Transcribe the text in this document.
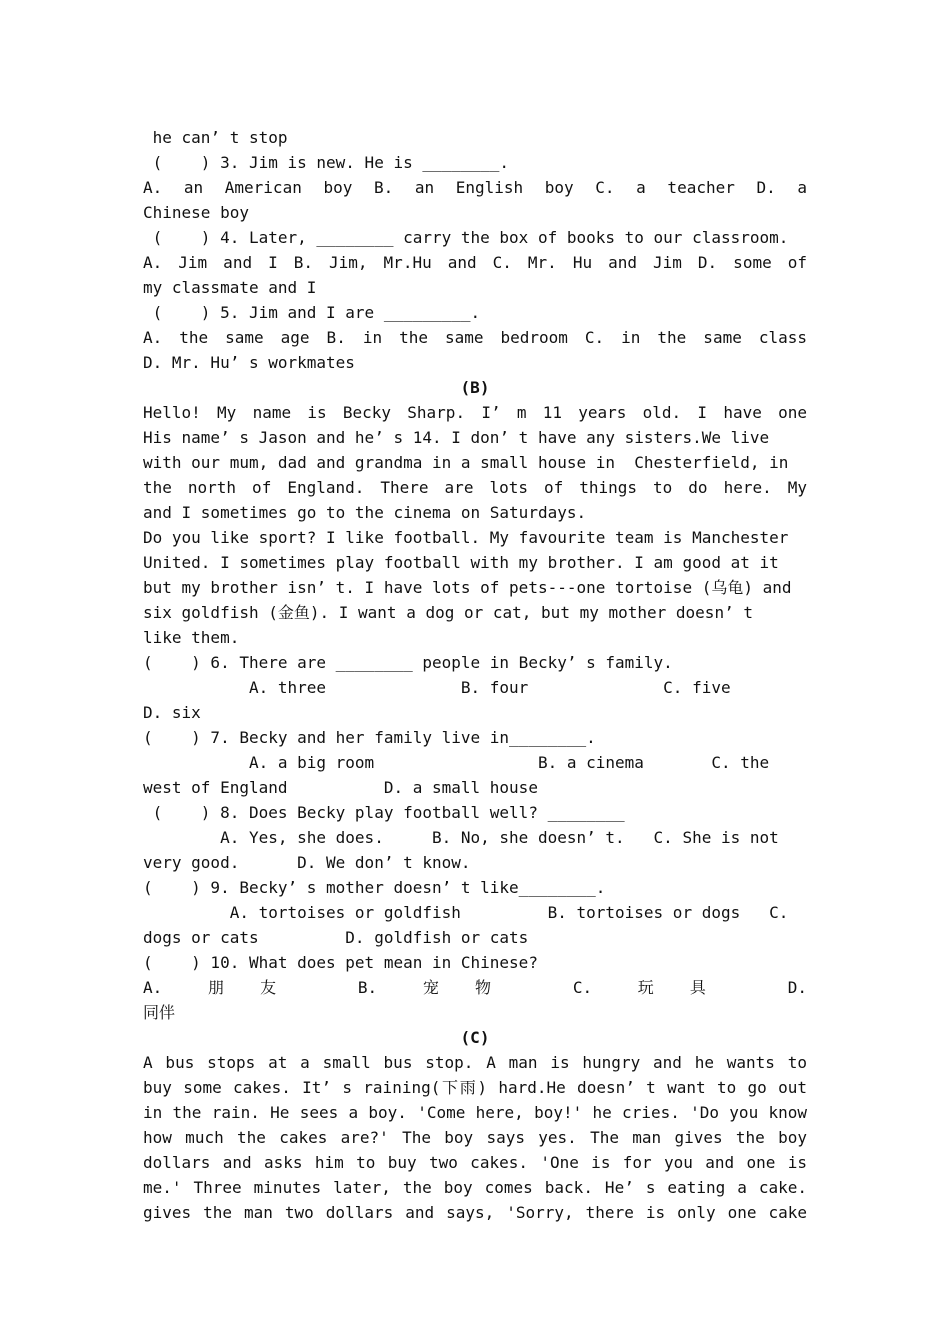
he can’ t stop
(    ) 3. Jim is new. He is ________.
A. an American boy B. an English boy C. a teacher D. a
Chinese boy
(    ) 4. Later, ________ carry the box of books to our classroom.
A. Jim and I B. Jim, Mr.Hu and C. Mr. Hu and Jim D. some of
my classmate and I
(    ) 5. Jim and I are _________.
A. the same age B. in the same bedroom C. in the same class
D. Mr. Hu’ s workmates
(B)
Hello! My name is Becky Sharp. I’ m 11 years old. I have one
His name’ s Jason and he’ s 14. I don’ t have any sisters.We live
with our mum, dad and grandma in a small house in  Chesterfield, in
the north of England. There are lots of things to do here. My
and I sometimes go to the cinema on Saturdays.
Do you like sport? I like football. My favourite team is Manchester
United. I sometimes play football with my brother. I am good at it
but my brother isn’ t. I have lots of pets---one tortoise (乌龟) and
six goldfish (金鱼). I want a dog or cat, but my mother doesn’ t
like them.
(    ) 6. There are ________ people in Becky’ s family.
A. three              B. four              C. five
D. six
(    ) 7. Becky and her family live in________.
A. a big room                 B. a cinema       C. the
west of England          D. a small house
(    ) 8. Does Becky play football well? ________
A. Yes, she does.     B. No, she doesn’ t.   C. She is not
very good.      D. We don’ t know.
(    ) 9. Becky’ s mother doesn’ t like________.
A. tortoises or goldfish         B. tortoises or dogs   C.
dogs or cats         D. goldfish or cats
(    ) 10. What does pet mean in Chinese?
A. 朋友 B. 宠物 C. 玩具 D.
同伴
(C)
A bus stops at a small bus stop. A man is hungry and he wants to
buy some cakes. It’ s raining(下雨) hard.He doesn’ t want to go out
in the rain. He sees a boy. 'Come here, boy!' he cries. 'Do you know
how much the cakes are?' The boy says yes. The man gives the boy
dollars and asks him to buy two cakes. 'One is for you and one is
me.' Three minutes later, the boy comes back. He’ s eating a cake.
gives the man two dollars and says, 'Sorry, there is only one cake
